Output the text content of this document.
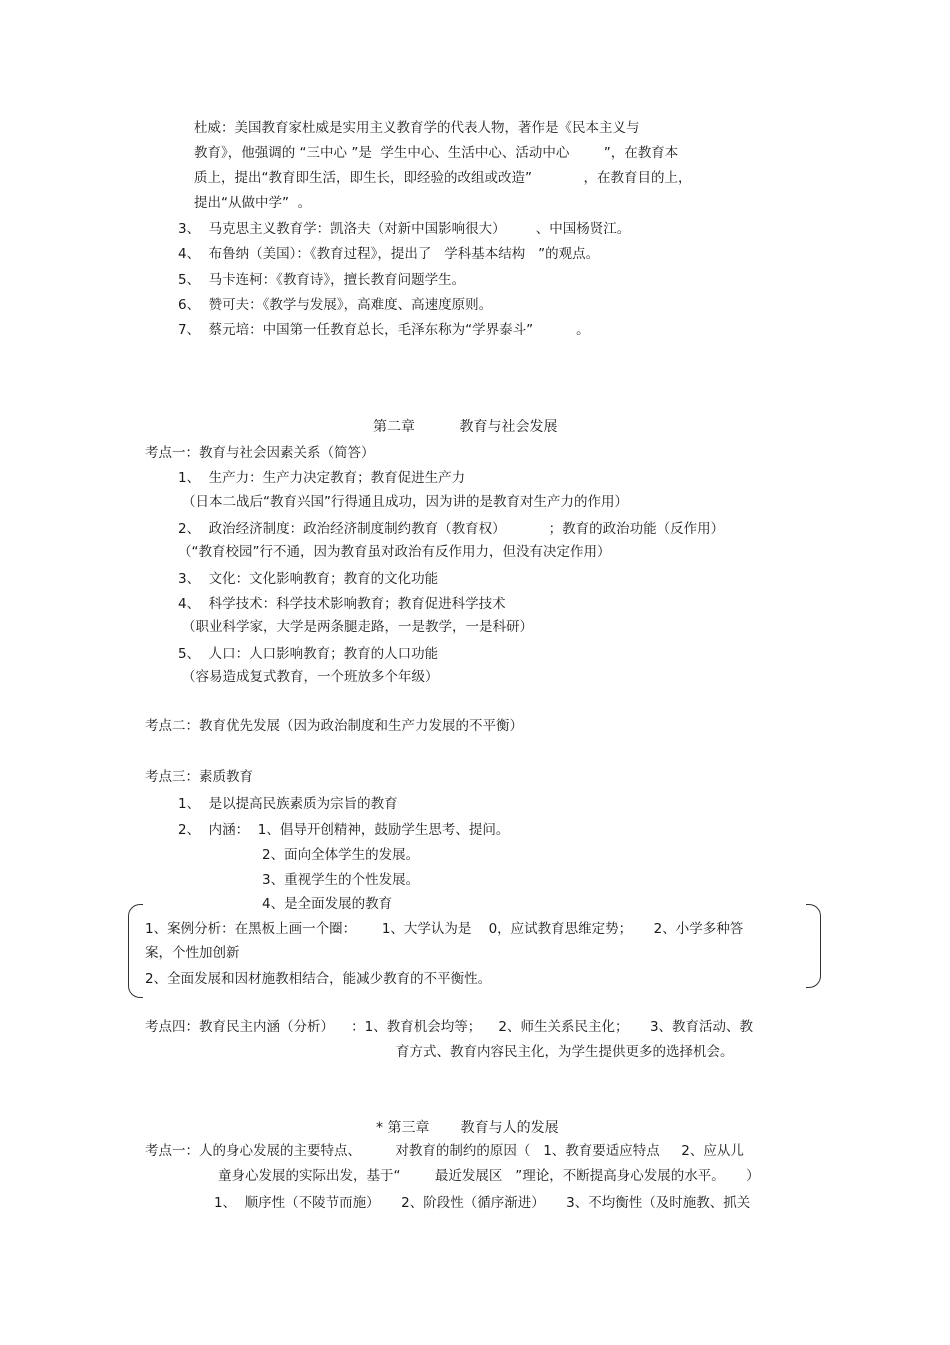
杜威：美国教育家杜威是实用主义教育学的代表人物，著作是《民本主义与
教育》，他强调的 “三中心 ”是  学生中心、生活中心、活动中心        ”，在教育本
质上，提出“教育即生活，即生长，即经验的改组或改造”            ，在教育目的上，
提出“从做中学”  。
3、  马克思主义教育学：凯洛夫（对新中国影响很大）       、中国杨贤江。
4、  布鲁纳（美国）：《教育过程》，提出了   学科基本结构   ”的观点。
5、  马卡连柯：《教育诗》，擅长教育问题学生。
6、  赞可夫：《教学与发展》，高难度、高速度原则。
7、  蔡元培：中国第一任教育总长，毛泽东称为“学界泰斗”          。
第二章          教育与社会发展
考点一：教育与社会因素关系（简答）
1、  生产力：生产力决定教育；教育促进生产力
（日本二战后“教育兴国”行得通且成功，因为讲的是教育对生产力的作用）
2、  政治经济制度：政治经济制度制约教育（教育权）          ；教育的政治功能（反作用）
（“教育校园”行不通，因为教育虽对政治有反作用力，但没有决定作用）
3、  文化：文化影响教育；教育的文化功能
4、  科学技术：科学技术影响教育；教育促进科学技术
（职业科学家，大学是两条腿走路，一是教学，一是科研）
5、  人口：人口影响教育；教育的人口功能
（容易造成复式教育，一个班放多个年级）
考点二：教育优先发展（因为政治制度和生产力发展的不平衡）
考点三：素质教育
1、  是以提高民族素质为宗旨的教育
2、  内涵：  1、倡导开创精神，鼓励学生思考、提问。
2、面向全体学生的发展。
3、重视学生的个性发展。
4、是全面发展的教育
1、案例分析：在黑板上画一个圈：      1、大学认为是    0，应试教育思维定势；     2、小学多种答
案，个性加创新
2、全面发展和因材施教相结合，能减少教育的不平衡性。
考点四：教育民主内涵（分析）    ：1、教育机会均等；    2、师生关系民主化；     3、教育活动、教
育方式、教育内容民主化，为学生提供更多的选择机会。
* 第三章       教育与人的发展
考点一：人的身心发展的主要特点、        对教育的制约的原因（   1、教育要适应特点     2、应从儿
童身心发展的实际出发，基于“        最近发展区   ”理论，不断提高身心发展的水平。     ）
1、  顺序性（不陵节而施）     2、阶段性（循序渐进）     3、不均衡性（及时施教、抓关
